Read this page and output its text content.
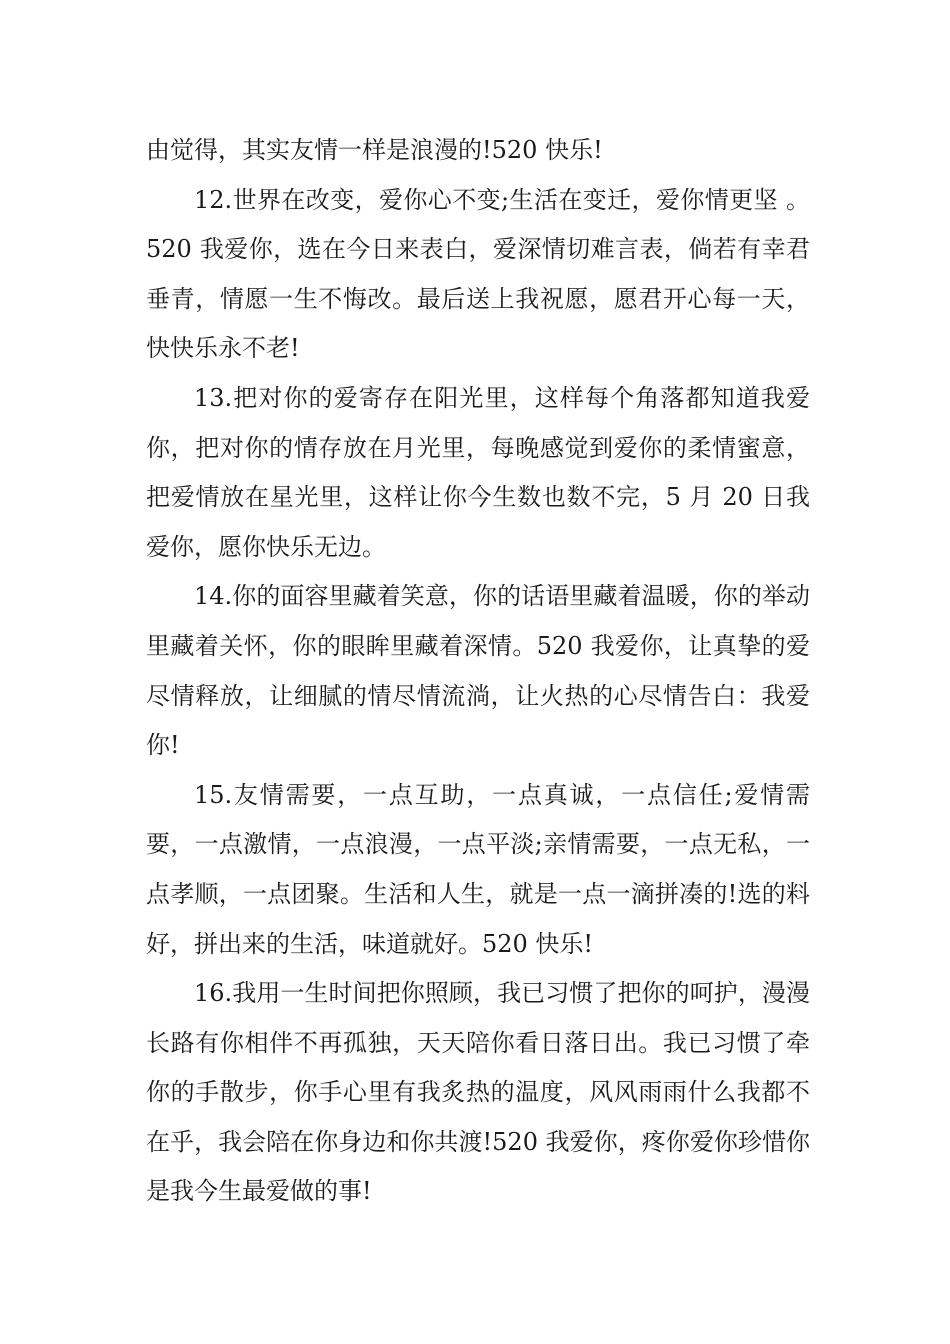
由觉得，其实友情一样是浪漫的!520 快乐!

12.世界在改变，爱你心不变;生活在变迁，爱你情更坚 。520 我爱你，选在今日来表白，爱深情切难言表，倘若有幸君垂青，情愿一生不悔改。最后送上我祝愿，愿君开心每一天，快快乐永不老!

13.把对你的爱寄存在阳光里，这样每个角落都知道我爱你，把对你的情存放在月光里，每晚感觉到爱你的柔情蜜意，把爱情放在星光里，这样让你今生数也数不完，5 月 20 日我爱你，愿你快乐无边。

14.你的面容里藏着笑意，你的话语里藏着温暖，你的举动里藏着关怀，你的眼眸里藏着深情。520 我爱你，让真挚的爱尽情释放，让细腻的情尽情流淌，让火热的心尽情告白：我爱你!

15.友情需要，一点互助，一点真诚，一点信任;爱情需要，一点激情，一点浪漫，一点平淡;亲情需要，一点无私，一点孝顺，一点团聚。生活和人生，就是一点一滴拼凑的!选的料好，拼出来的生活，味道就好。520 快乐!

16.我用一生时间把你照顾，我已习惯了把你的呵护，漫漫长路有你相伴不再孤独，天天陪你看日落日出。我已习惯了牵你的手散步，你手心里有我炙热的温度，风风雨雨什么我都不在乎，我会陪在你身边和你共渡!520 我爱你，疼你爱你珍惜你是我今生最爱做的事!
